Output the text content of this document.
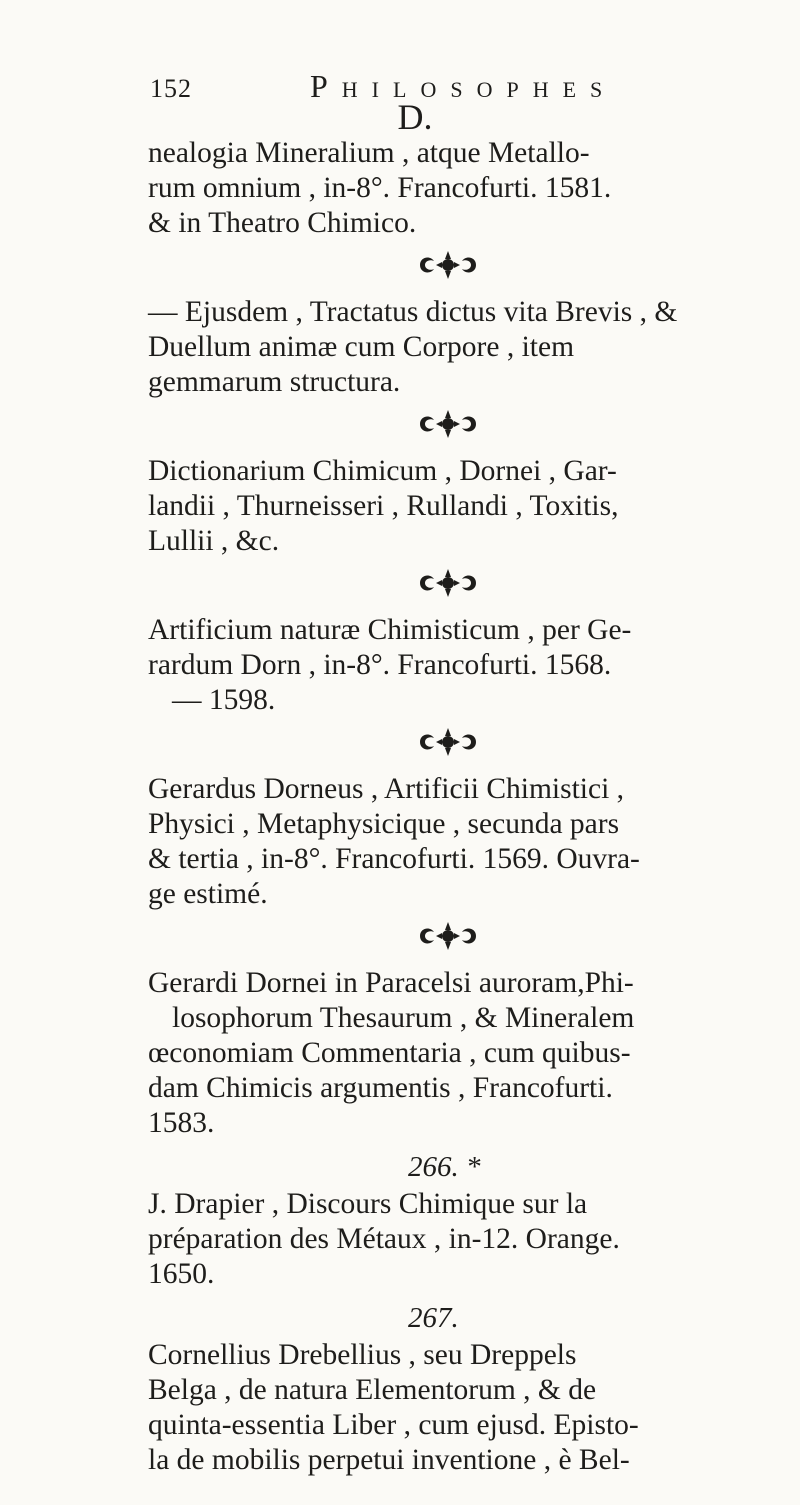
152	Philosophes
D.

nealogia Mineralium , atque Metallo-
rum omnium , in-8°. Francofurti. 1581.
& in Theatro Chimico.

— Ejusdem , Tractatus dictus vita Brevis , &
Duellum animæ cum Corpore , item
gemmarum structura.

Dictionarium Chimicum , Dornei , Gar-
landii , Thurneisseri , Rullandi , Toxitis,
Lullii , &c.

Artificium naturæ Chimisticum , per Ge-
rardum Dorn , in-8°. Francofurti. 1568.
— 1598.

Gerardus Dorneus , Artificii Chimistici ,
Physici , Metaphysicique , secunda pars
& tertia , in-8°. Francofurti. 1569. Ouvra-
ge estimé.

Gerardi Dornei in Paracelsi auroram,Phi-
losophorum Thesaurum , & Mineralem
œconomiam Commentaria , cum quibus-
dam Chimicis argumentis , Francofurti.
1583.

266. *

J. Drapier , Discours Chimique sur la
préparation des Métaux , in-12. Orange.
1650.

267.

Cornellius Drebellius , seu Dreppels
Belga , de natura Elementorum , & de
quinta-essentia Liber , cum ejusd. Episto-
la de mobilis perpetui inventione , è Bel-
